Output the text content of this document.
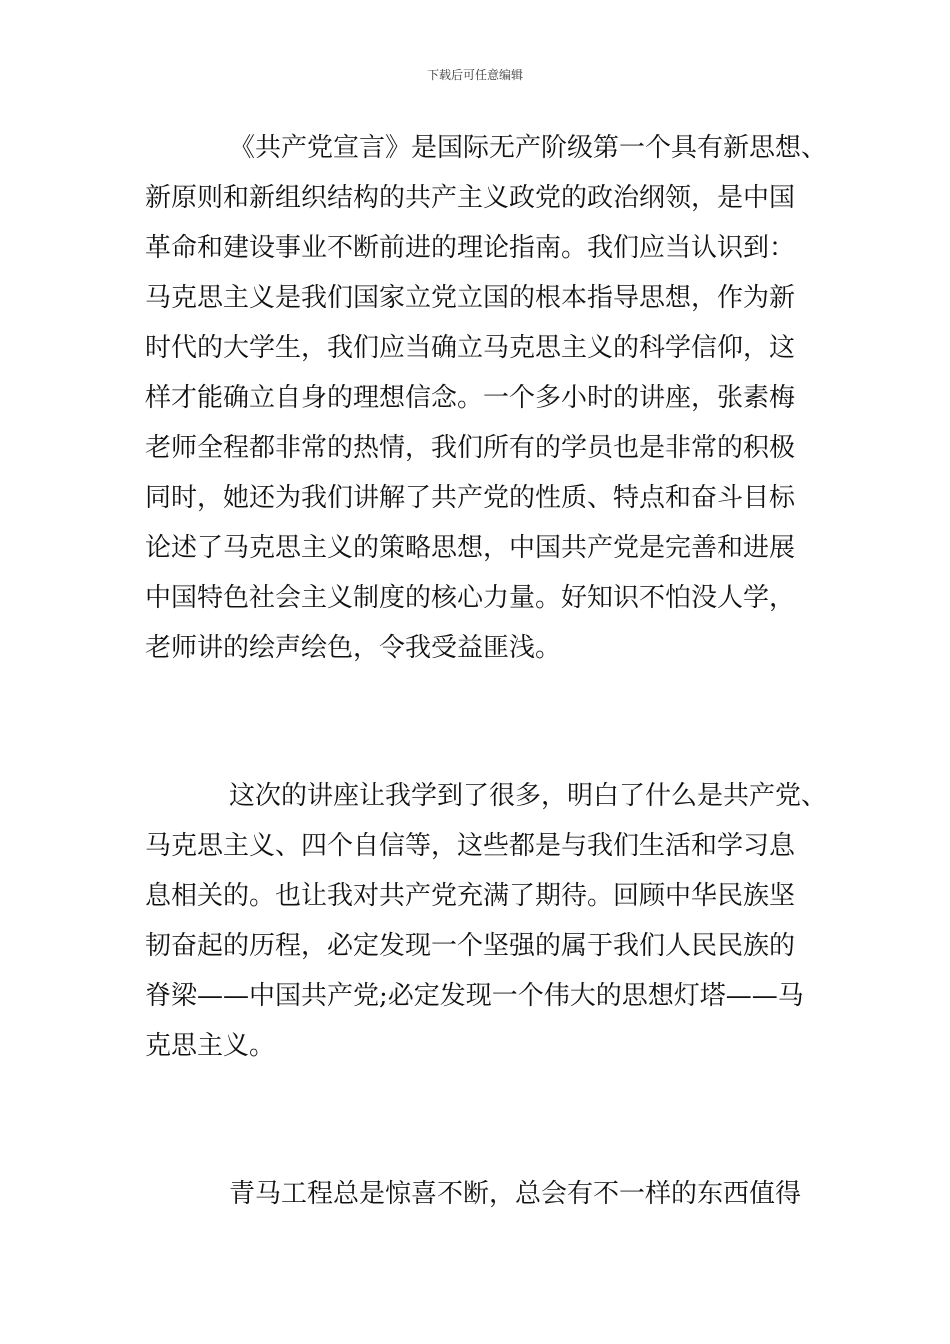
下载后可任意编辑
《共产党宣言》是国际无产阶级第一个具有新思想、
新原则和新组织结构的共产主义政党的政治纲领，是中国
革命和建设事业不断前进的理论指南。我们应当认识到：
马克思主义是我们国家立党立国的根本指导思想，作为新
时代的大学生，我们应当确立马克思主义的科学信仰，这
样才能确立自身的理想信念。一个多小时的讲座，张素梅
老师全程都非常的热情，我们所有的学员也是非常的积极
同时，她还为我们讲解了共产党的性质、特点和奋斗目标
论述了马克思主义的策略思想，中国共产党是完善和进展
中国特色社会主义制度的核心力量。好知识不怕没人学，
老师讲的绘声绘色，令我受益匪浅。
这次的讲座让我学到了很多，明白了什么是共产党、
马克思主义、四个自信等，这些都是与我们生活和学习息
息相关的。也让我对共产党充满了期待。回顾中华民族坚
韧奋起的历程，必定发现一个坚强的属于我们人民民族的
脊梁——中国共产党;必定发现一个伟大的思想灯塔——马
克思主义。
青马工程总是惊喜不断，总会有不一样的东西值得
